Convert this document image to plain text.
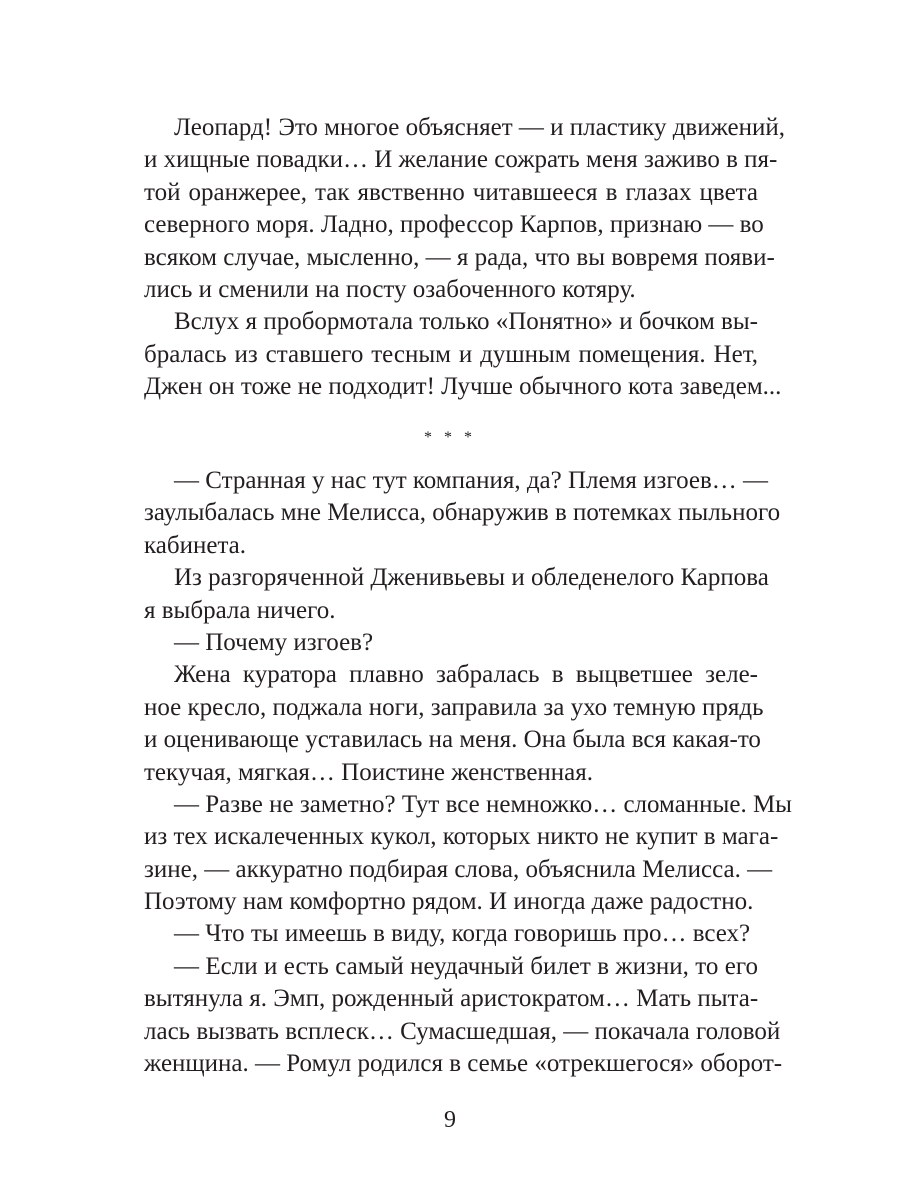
Леопард! Это многое объясняет — и пластику движений,
и хищные повадки… И желание сожрать меня заживо в пя-
той оранжерее, так явственно читавшееся в глазах цвета
северного моря. Ладно, профессор Карпов, признаю — во
всяком случае, мысленно, — я рада, что вы вовремя появи-
лись и сменили на посту озабоченного котяру.
Вслух я пробормотала только «Понятно» и бочком вы-
бралась из ставшего тесным и душным помещения. Нет,
Джен он тоже не подходит! Лучше обычного кота заведем...
* * *
— Странная у нас тут компания, да? Племя изгоев… —
заулыбалась мне Мелисса, обнаружив в потемках пыльного
кабинета.
Из разгоряченной Дженивьевы и обледенелого Карпова
я выбрала ничего.
— Почему изгоев?
Жена куратора плавно забралась в выцветшее зеле-
ное кресло, поджала ноги, заправила за ухо темную прядь
и оценивающе уставилась на меня. Она была вся какая-то
текучая, мягкая… Поистине женственная.
— Разве не заметно? Тут все немножко… сломанные. Мы
из тех искалеченных кукол, которых никто не купит в мага-
зине, — аккуратно подбирая слова, объяснила Мелисса. —
Поэтому нам комфортно рядом. И иногда даже радостно.
— Что ты имеешь в виду, когда говоришь про… всех?
— Если и есть самый неудачный билет в жизни, то его
вытянула я. Эмп, рожденный аристократом… Мать пыта-
лась вызвать всплеск… Сумасшедшая, — покачала головой
женщина. — Ромул родился в семье «отрекшегося» оборот-
9
